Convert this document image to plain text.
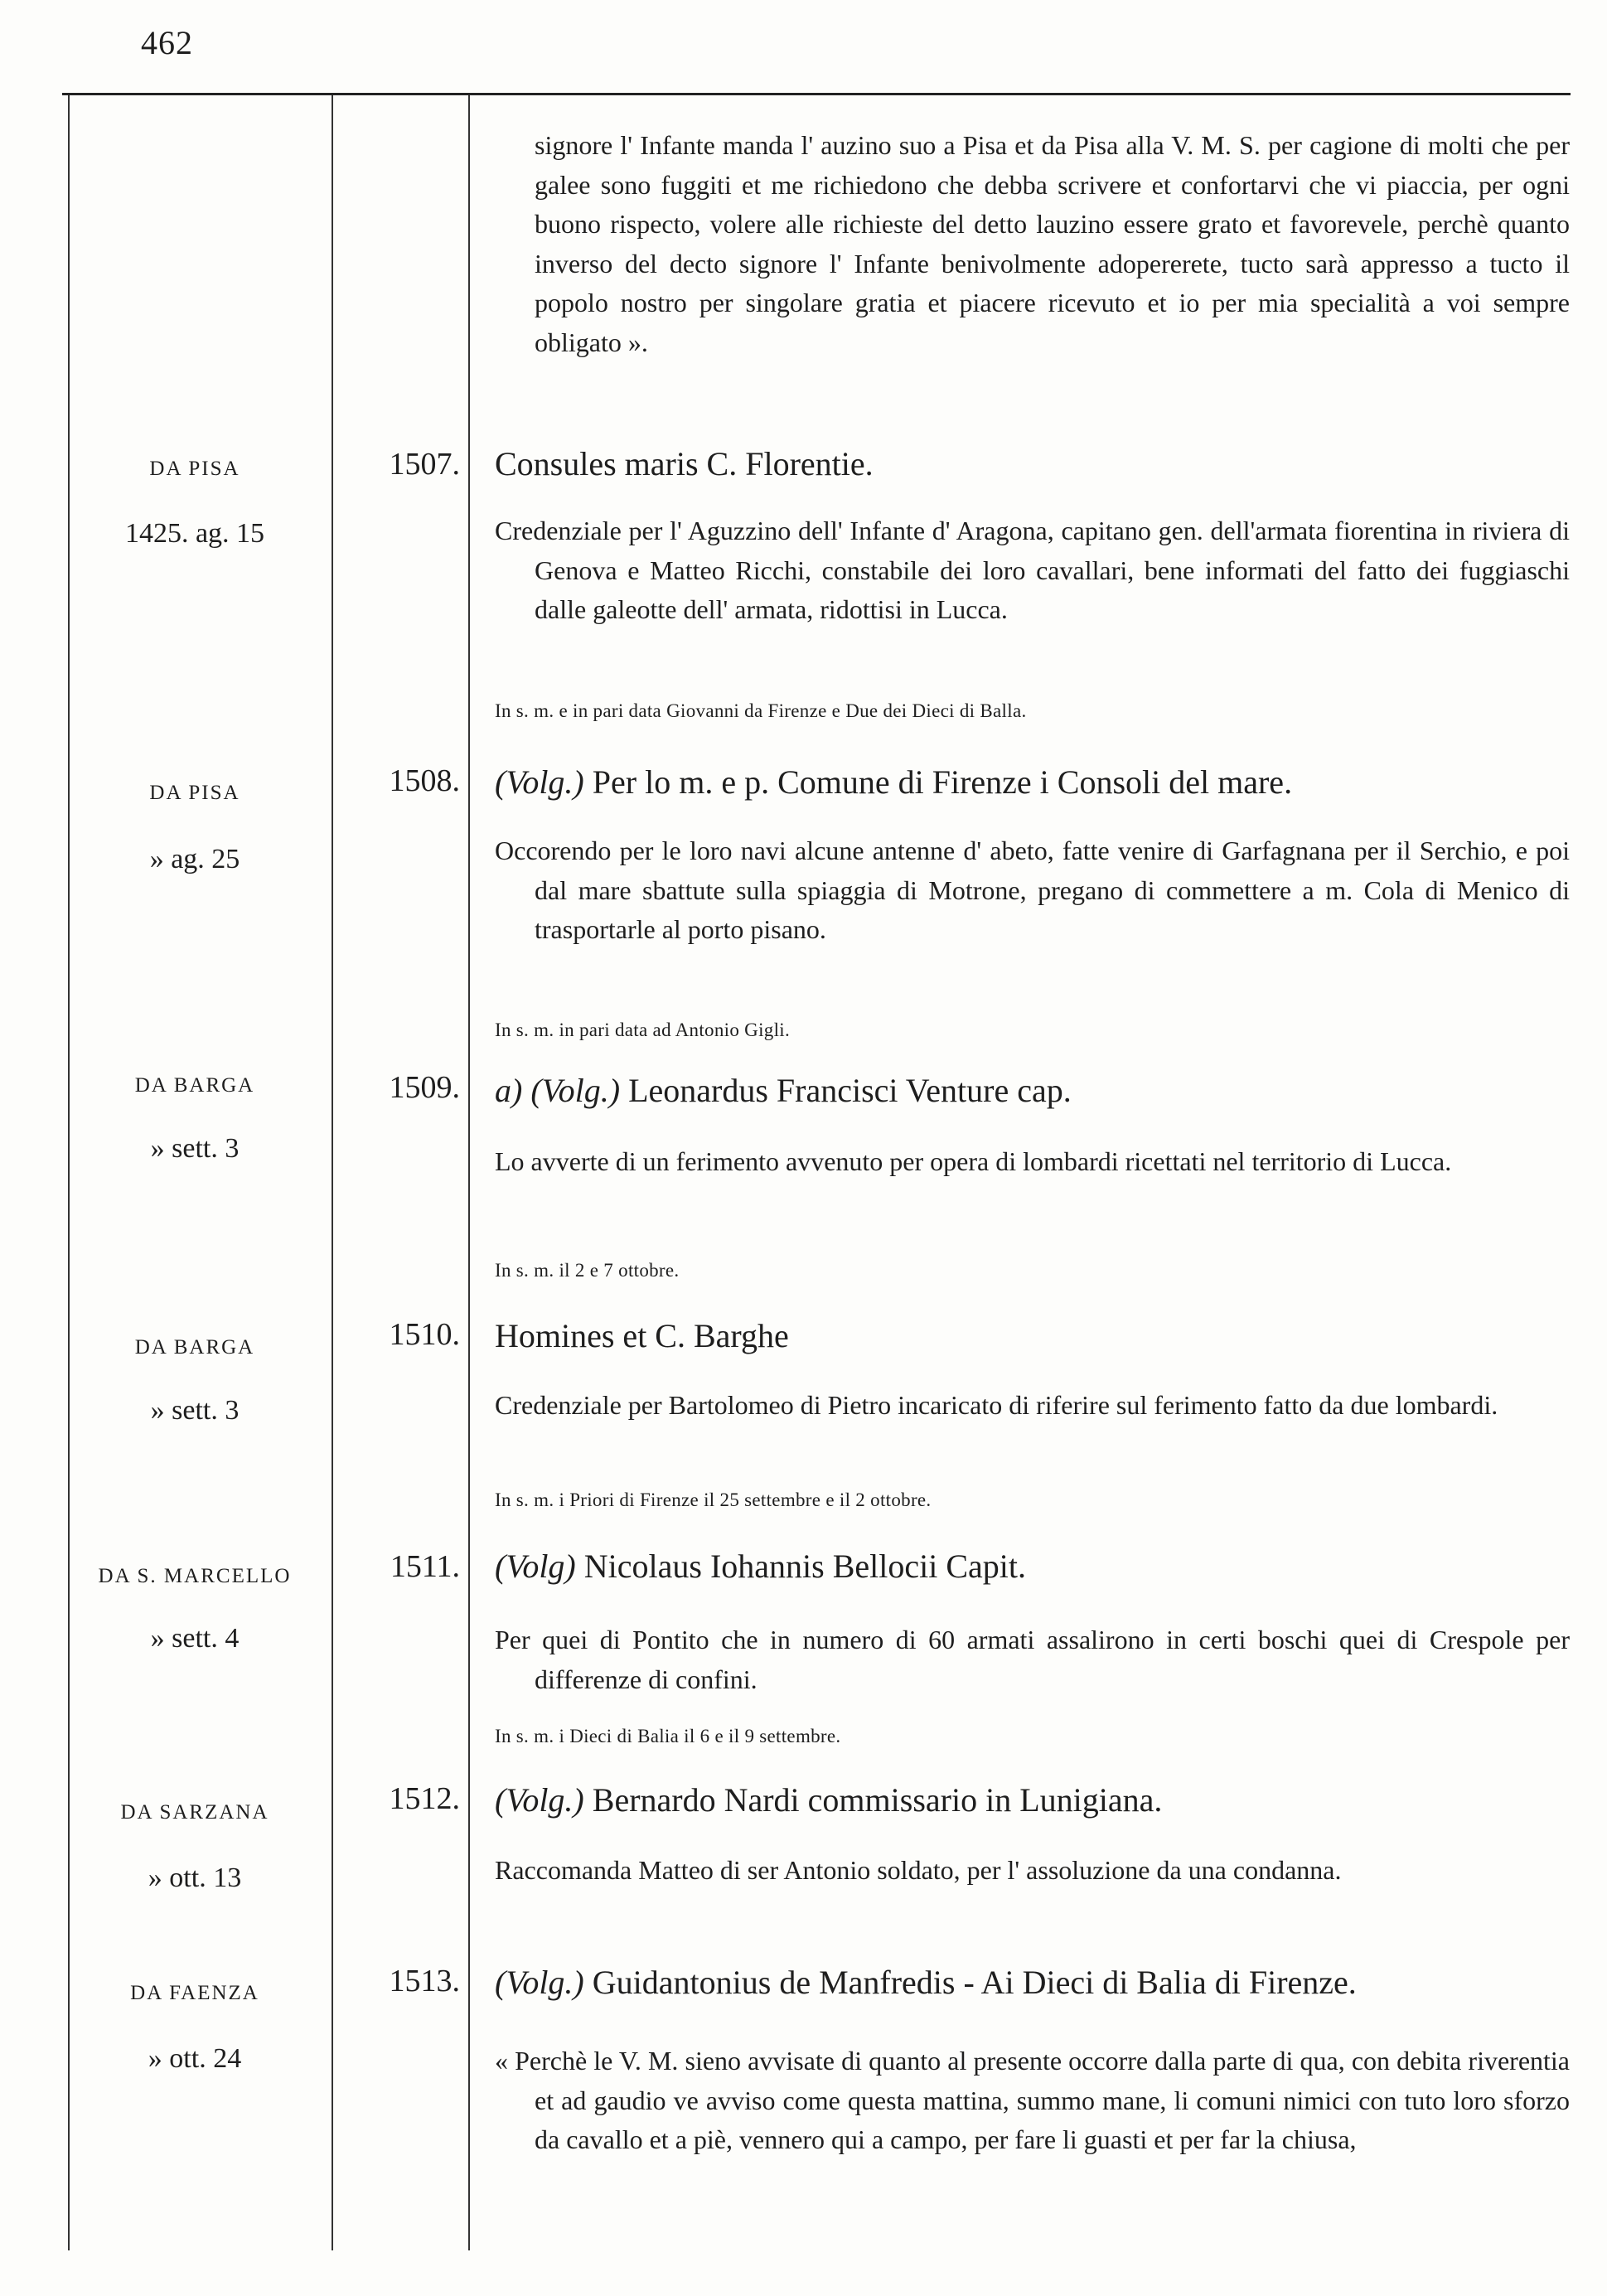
462
signore l' Infante manda l' auzino suo a Pisa et da Pisa alla V. M. S. per cagione di molti che per galee sono fuggiti et me richiedono che debba scrivere et confortarvi che vi piaccia, per ogni buono rispecto, volere alle richieste del detto lauzino essere grato et favorevele, perchè quanto inverso del decto signore l' Infante benivolmente adopererete, tucto sarà appresso a tucto il popolo nostro per singolare gratia et piacere ricevuto et io per mia specialità a voi sempre obligato ».
DA PISA
1425. ag. 15
1507. Consules maris C. Florentie.
Credenziale per l' Aguzzino dell' Infante d' Aragona, capitano gen. dell'armata fiorentina in riviera di Genova e Matteo Ricchi, constabile dei loro cavallari, bene informati del fatto dei fuggiaschi dalle galeotte dell' armata, ridottisi in Lucca.
In s. m. e in pari data Giovanni da Firenze e Due dei Dieci di Balla.
DA PISA
» ag. 25
1508. (Volg.) Per lo m. e p. Comune di Firenze i Consoli del mare.
Occorendo per le loro navi alcune antenne d' abeto, fatte venire di Garfagnana per il Serchio, e poi dal mare sbattute sulla spiaggia di Motrone, pregano di commettere a m. Cola di Menico di trasportarle al porto pisano.
In s. m. in pari data ad Antonio Gigli.
DA BARGA
» sett. 3
1509. a) (Volg.) Leonardus Francisci Venture cap.
Lo avverte di un ferimento avvenuto per opera di lombardi ricettati nel territorio di Lucca.
In s. m. il 2 e 7 ottobre.
DA BARGA
» sett. 3
1510. Homines et C. Barghe
Credenziale per Bartolomeo di Pietro incaricato di riferire sul ferimento fatto da due lombardi.
In s. m. i Priori di Firenze il 25 settembre e il 2 ottobre.
DA S. MARCELLO
» sett. 4
1511. (Volg) Nicolaus Iohannis Bellocii Capit.
Per quei di Pontito che in numero di 60 armati assalirono in certi boschi quei di Crespole per differenze di confini.
In s. m. i Dieci di Balia il 6 e il 9 settembre.
DA SARZANA
» ott. 13
1512. (Volg.) Bernardo Nardi commissario in Lunigiana.
Raccomanda Matteo di ser Antonio soldato, per l' assoluzione da una condanna.
DA FAENZA
» ott. 24
1513. (Volg.) Guidantonius de Manfredis - Ai Dieci di Balia di Firenze.
« Perchè le V. M. sieno avvisate di quanto al presente occorre dalla parte di qua, con debita riverentia et ad gaudio ve avviso come questa mattina, summo mane, li comuni nimici con tuto loro sforzo da cavallo et a piè, vennero qui a campo, per fare li guasti et per far la chiusa,
